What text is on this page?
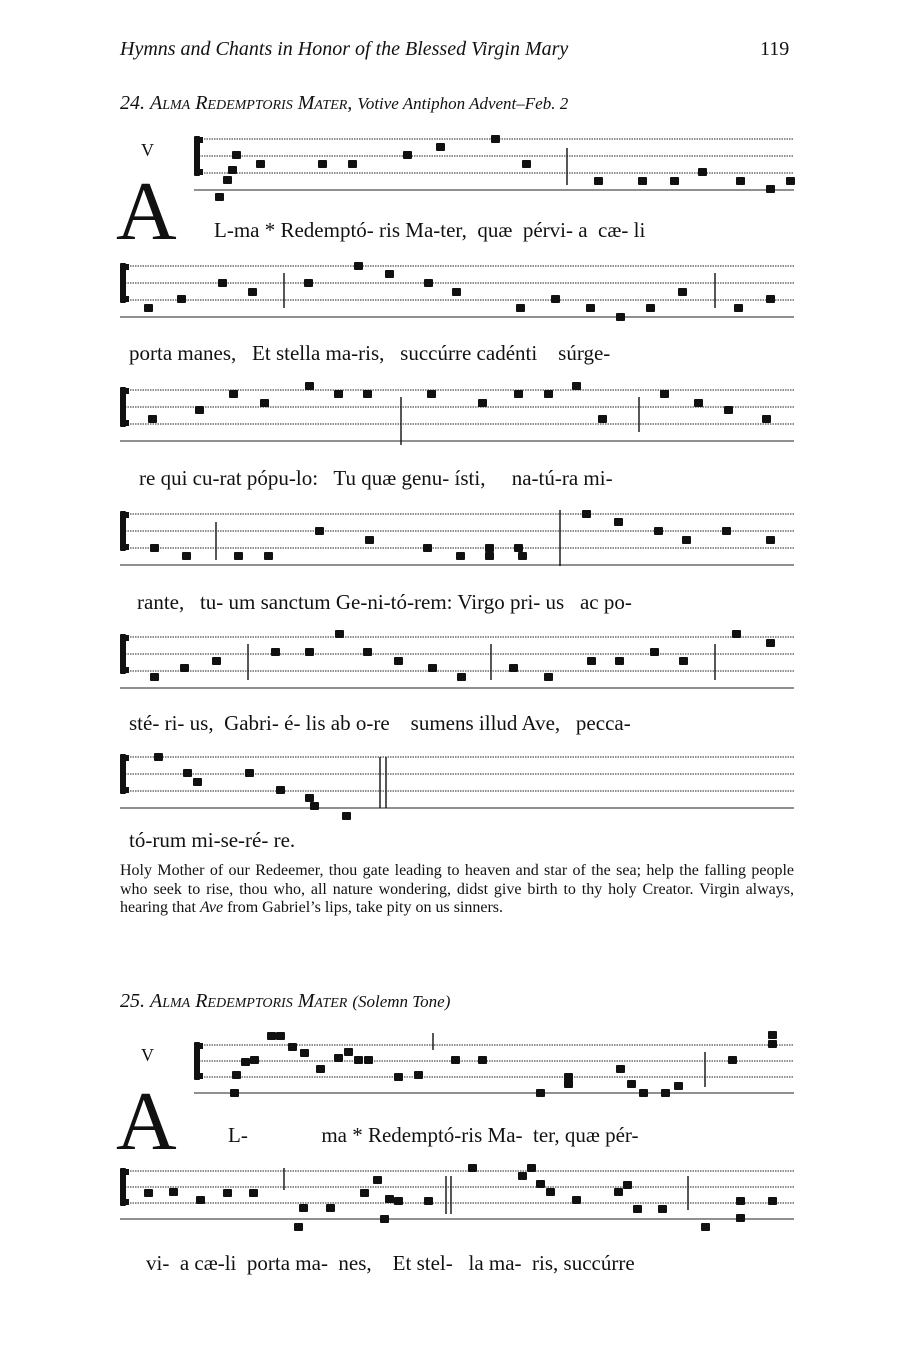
Hymns and Chants in Honor of the Blessed Virgin Mary	119
24. Alma Redemptoris Mater, Votive Antiphon Advent–Feb. 2
V
A L-ma * Redemptó- ris Ma-ter,  quæ  pérvi- a  cæ- li
porta manes,   Et stella ma-ris,   succúrre cadénti    súrge-
re qui cu-rat pópu-lo:   Tu quæ genu- ísti,     na-tú-ra mi-
rante,   tu- um sanctum Ge-ni-tó-rem: Virgo pri- us   ac po-
sté- ri- us,  Gabri- é- lis ab o-re    sumens illud Ave,   pecca-
tó-rum mi-se-ré- re.
Holy Mother of our Redeemer, thou gate leading to heaven and star of the sea; help the falling people who seek to rise, thou who, all nature wondering, didst give birth to thy holy Creator. Virgin always, hearing that Ave from Gabriel’s lips, take pity on us sinners.
25. Alma Redemptoris Mater (Solemn Tone)
V
A L-              ma * Redemptó-ris Ma-  ter, quæ pér-
vi-  a cæ-li  porta ma-  nes,    Et stel-   la ma-  ris, succúrre
